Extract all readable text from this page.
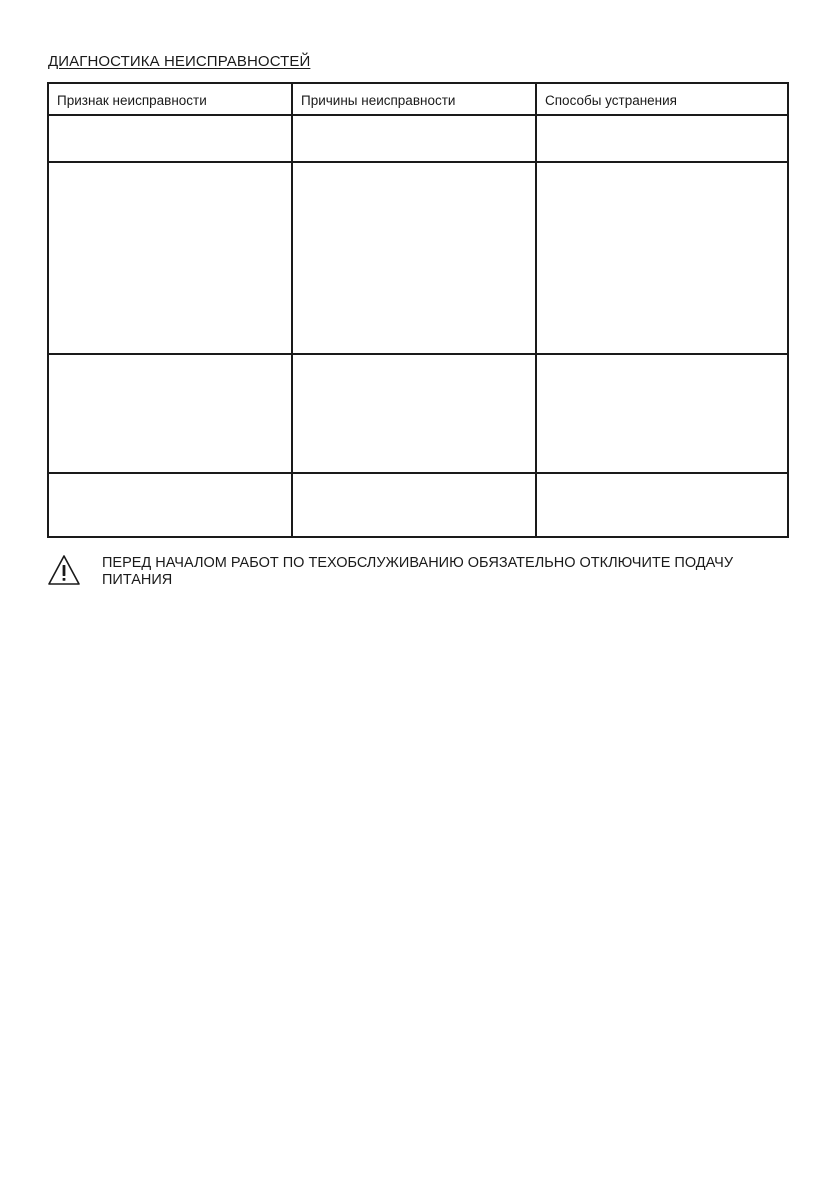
ДИАГНОСТИКА НЕИСПРАВНОСТЕЙ
Признак неисправности	Причины неисправности	Способы устранения

ПЕРЕД НАЧАЛОМ РАБОТ ПО ТЕХОБСЛУЖИВАНИЮ ОБЯЗАТЕЛЬНО ОТКЛЮЧИТЕ ПОДАЧУ ПИТАНИЯ
